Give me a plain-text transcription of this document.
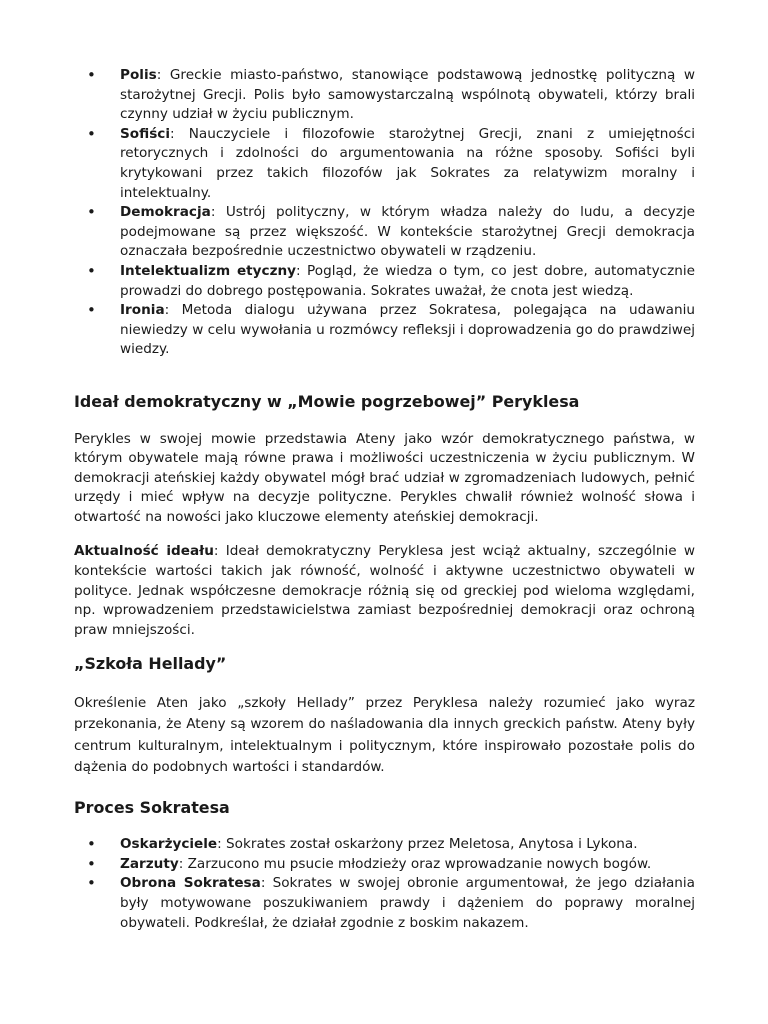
• Polis: Greckie miasto-państwo, stanowiące podstawową jednostkę polityczną w starożytnej Grecji. Polis było samowystarczalną wspólnotą obywateli, którzy brali czynny udział w życiu publicznym.
• Sofiści: Nauczyciele i filozofowie starożytnej Grecji, znani z umiejętności retorycznych i zdolności do argumentowania na różne sposoby. Sofiści byli krytykowani przez takich filozofów jak Sokrates za relatywizm moralny i intelektualny.
• Demokracja: Ustrój polityczny, w którym władza należy do ludu, a decyzje podejmowane są przez większość. W kontekście starożytnej Grecji demokracja oznaczała bezpośrednie uczestnictwo obywateli w rządzeniu.
• Intelektualizm etyczny: Pogląd, że wiedza o tym, co jest dobre, automatycznie prowadzi do dobrego postępowania. Sokrates uważał, że cnota jest wiedzą.
• Ironia: Metoda dialogu używana przez Sokratesa, polegająca na udawaniu niewiedzy w celu wywołania u rozmówcy refleksji i doprowadzenia go do prawdziwej wiedzy.
Ideał demokratyczny w „Mowie pogrzebowej” Peryklesa

Perykles w swojej mowie przedstawia Ateny jako wzór demokratycznego państwa, w którym obywatele mają równe prawa i możliwości uczestniczenia w życiu publicznym. W demokracji ateńskiej każdy obywatel mógł brać udział w zgromadzeniach ludowych, pełnić urzędy i mieć wpływ na decyzje polityczne. Perykles chwalił również wolność słowa i otwartość na nowości jako kluczowe elementy ateńskiej demokracji.

Aktualność ideału: Ideał demokratyczny Peryklesa jest wciąż aktualny, szczególnie w kontekście wartości takich jak równość, wolność i aktywne uczestnictwo obywateli w polityce. Jednak współczesne demokracje różnią się od greckiej pod wieloma względami, np. wprowadzeniem przedstawicielstwa zamiast bezpośredniej demokracji oraz ochroną praw mniejszości.

„Szkoła Hellady”

Określenie Aten jako „szkoły Hellady” przez Peryklesa należy rozumieć jako wyraz przekonania, że Ateny są wzorem do naśladowania dla innych greckich państw. Ateny były centrum kulturalnym, intelektualnym i politycznym, które inspirowało pozostałe polis do dążenia do podobnych wartości i standardów.

Proces Sokratesa
• Oskarżyciele: Sokrates został oskarżony przez Meletosa, Anytosa i Lykona.
• Zarzuty: Zarzucono mu psucie młodzieży oraz wprowadzanie nowych bogów.
• Obrona Sokratesa: Sokrates w swojej obronie argumentował, że jego działania były motywowane poszukiwaniem prawdy i dążeniem do poprawy moralnej obywateli. Podkreślał, że działał zgodnie z boskim nakazem.
